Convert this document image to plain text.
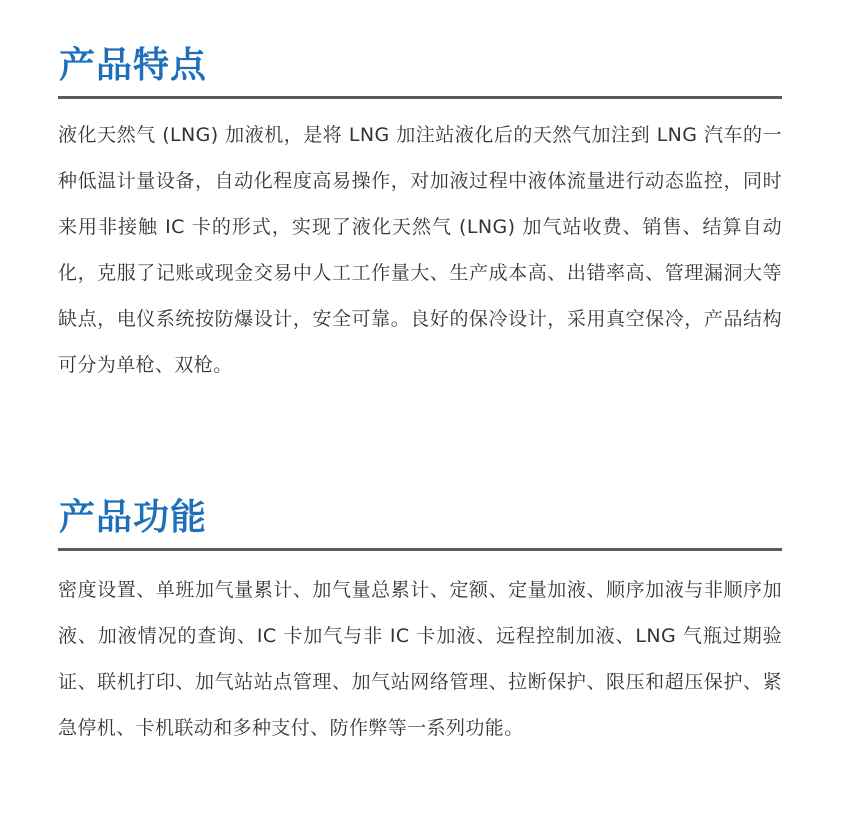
产品特点

液化天然气 (LNG) 加液机，是将 LNG 加注站液化后的天然气加注到 LNG 汽车的一种低温计量设备，自动化程度高易操作，对加液过程中液体流量进行动态监控，同时来用非接触 IC 卡的形式，实现了液化天然气 (LNG) 加气站收费、销售、结算自动化，克服了记账或现金交易中人工工作量大、生产成本高、出错率高、管理漏洞大等缺点，电仪系统按防爆设计，安全可靠。良好的保冷设计，采用真空保冷，产品结构可分为单枪、双枪。

产品功能

密度设置、单班加气量累计、加气量总累计、定额、定量加液、顺序加液与非顺序加液、加液情况的查询、IC 卡加气与非 IC 卡加液、远程控制加液、LNG 气瓶过期验证、联机打印、加气站站点管理、加气站网络管理、拉断保护、限压和超压保护、紧急停机、卡机联动和多种支付、防作弊等一系列功能。
